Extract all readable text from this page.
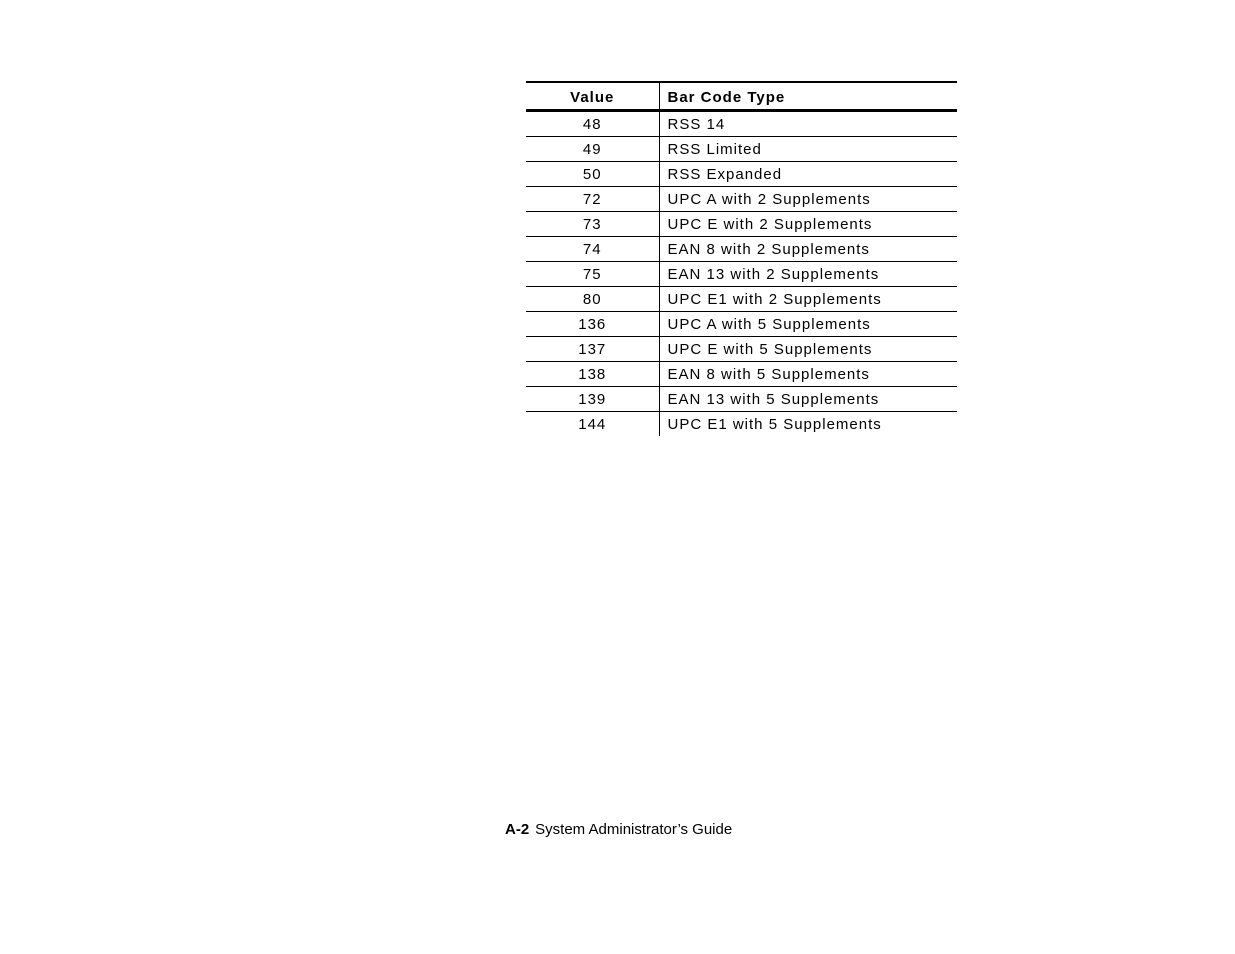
Value	Bar Code Type
48	RSS 14
49	RSS Limited
50	RSS Expanded
72	UPC A with 2 Supplements
73	UPC E with 2 Supplements
74	EAN 8 with 2 Supplements
75	EAN 13 with 2 Supplements
80	UPC E1 with 2 Supplements
136	UPC A with 5 Supplements
137	UPC E with 5 Supplements
138	EAN 8 with 5 Supplements
139	EAN 13 with 5 Supplements
144	UPC E1 with 5 Supplements
A-2 System Administrator’s Guide
